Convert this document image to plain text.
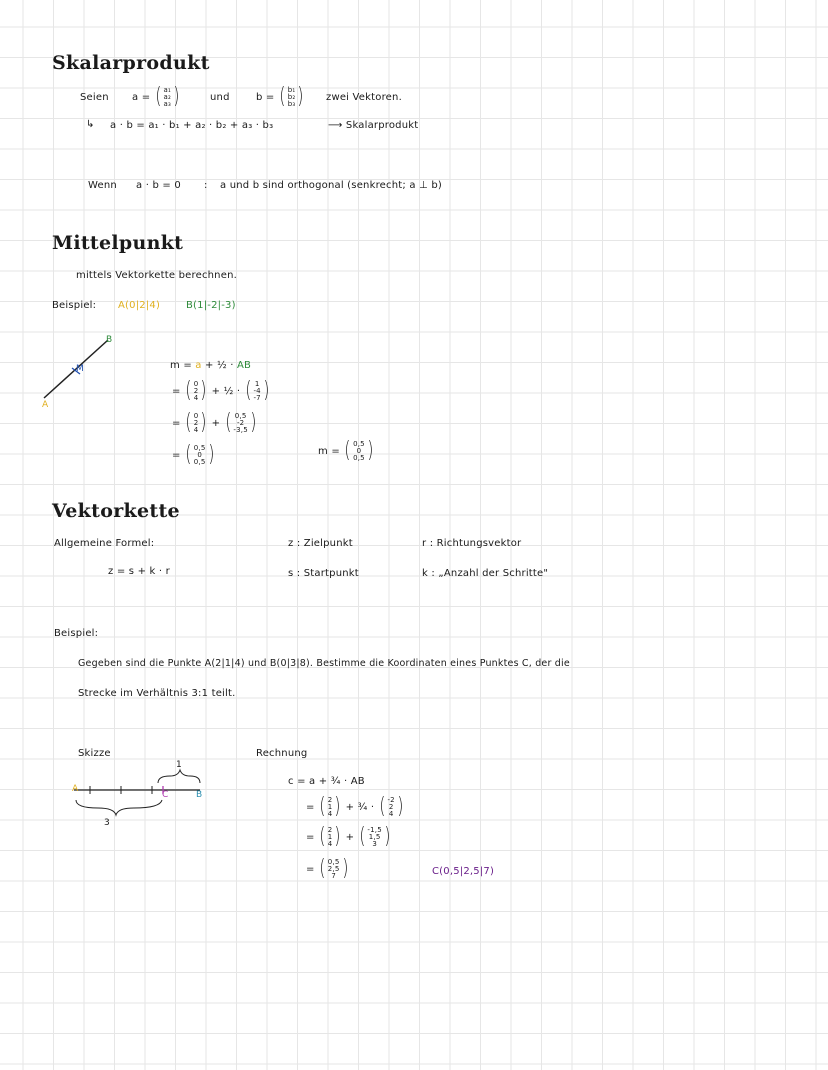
Skalarprodukt
Seien a = ( a₁
a₂
a₃ )	und	b = ( b₁
b₂
b₃ ) zwei Vektoren.
↳ a · b = a₁ · b₁ + a₂ · b₂ + a₃ · b₃	⟶ Skalarprodukt
Wenn a · b = 0 : a und b sind orthogonal (senkrecht; a ⊥ b)
Mittelpunkt
mittels Vektorkette berechnen.
Beispiel: A(0|2|4)	B(1|-2|-3)
A
B
M	m = a + ½ · AB
= ( 0
2
4 ) + ½ · ( 1
-4
-7 )
= ( 0
2
4 ) + ( 0,5
-2
-3,5 )
= ( 0,5
0
0,5 )	m = ( 0,5
0
0,5 )
Vektorkette
Allgemeine Formel:
z = s + k · r
z : Zielpunkt
s : Startpunkt
r : Richtungsvektor
k : „Anzahl der Schritte"
Beispiel:
Gegeben sind die Punkte A(2|1|4) und B(0|3|8). Bestimme die Koordinaten eines Punktes C, der die
Strecke im Verhältnis 3:1 teilt.
Skizze
A
C	B
1
3
Rechnung
c = a + ¾ · AB
= ( 2
1
4 ) + ¾ · ( -2
2
4 )
= ( 2
1
4 ) + ( -1,5
1,5
3 )
= ( 0,5
2,5
7 )	C(0,5|2,5|7)
